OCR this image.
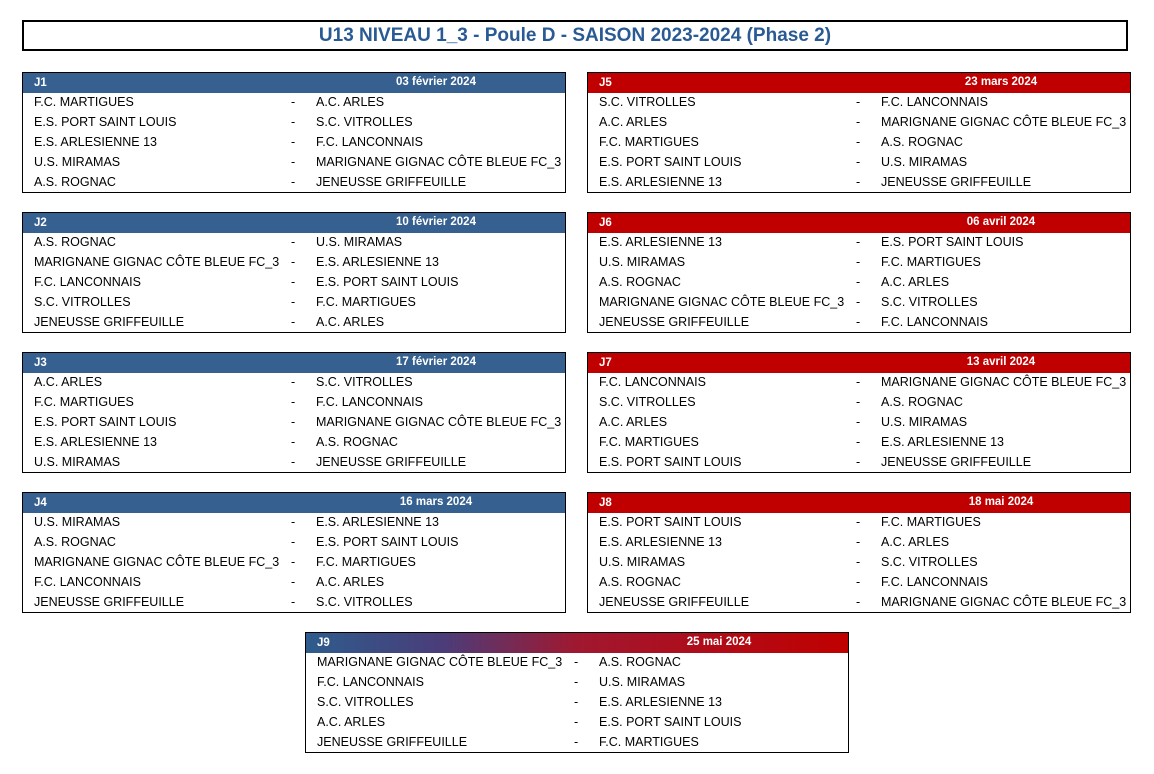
U13 NIVEAU 1_3 - Poule D - SAISON 2023-2024 (Phase 2)
J1	03 février 2024
F.C. MARTIGUES	- A.C. ARLES
E.S. PORT SAINT LOUIS	- S.C. VITROLLES
E.S. ARLESIENNE 13	- F.C. LANCONNAIS
U.S. MIRAMAS	- MARIGNANE GIGNAC CÔTE BLEUE FC_3
A.S. ROGNAC	- JENEUSSE GRIFFEUILLE
J5	23 mars 2024
S.C. VITROLLES	- F.C. LANCONNAIS
A.C. ARLES	- MARIGNANE GIGNAC CÔTE BLEUE FC_3
F.C. MARTIGUES	- A.S. ROGNAC
E.S. PORT SAINT LOUIS	- U.S. MIRAMAS
E.S. ARLESIENNE 13	- JENEUSSE GRIFFEUILLE
J2	10 février 2024
A.S. ROGNAC	- U.S. MIRAMAS
MARIGNANE GIGNAC CÔTE BLEUE FC_3 - E.S. ARLESIENNE 13
F.C. LANCONNAIS	- E.S. PORT SAINT LOUIS
S.C. VITROLLES	- F.C. MARTIGUES
JENEUSSE GRIFFEUILLE	- A.C. ARLES
J6	06 avril 2024
E.S. ARLESIENNE 13	- E.S. PORT SAINT LOUIS
U.S. MIRAMAS	- F.C. MARTIGUES
A.S. ROGNAC	- A.C. ARLES
MARIGNANE GIGNAC CÔTE BLEUE FC_3 - S.C. VITROLLES
JENEUSSE GRIFFEUILLE	- F.C. LANCONNAIS
J3	17 février 2024
A.C. ARLES	- S.C. VITROLLES
F.C. MARTIGUES	- F.C. LANCONNAIS
E.S. PORT SAINT LOUIS	- MARIGNANE GIGNAC CÔTE BLEUE FC_3
E.S. ARLESIENNE 13	- A.S. ROGNAC
U.S. MIRAMAS	- JENEUSSE GRIFFEUILLE
J7	13 avril 2024
F.C. LANCONNAIS	- MARIGNANE GIGNAC CÔTE BLEUE FC_3
S.C. VITROLLES	- A.S. ROGNAC
A.C. ARLES	- U.S. MIRAMAS
F.C. MARTIGUES	- E.S. ARLESIENNE 13
E.S. PORT SAINT LOUIS	- JENEUSSE GRIFFEUILLE
J4	16 mars 2024
U.S. MIRAMAS	- E.S. ARLESIENNE 13
A.S. ROGNAC	- E.S. PORT SAINT LOUIS
MARIGNANE GIGNAC CÔTE BLEUE FC_3 - F.C. MARTIGUES
F.C. LANCONNAIS	- A.C. ARLES
JENEUSSE GRIFFEUILLE	- S.C. VITROLLES
J8	18 mai 2024
E.S. PORT SAINT LOUIS	- F.C. MARTIGUES
E.S. ARLESIENNE 13	- A.C. ARLES
U.S. MIRAMAS	- S.C. VITROLLES
A.S. ROGNAC	- F.C. LANCONNAIS
JENEUSSE GRIFFEUILLE	- MARIGNANE GIGNAC CÔTE BLEUE FC_3
J9	25 mai 2024
MARIGNANE GIGNAC CÔTE BLEUE FC_3 - A.S. ROGNAC
F.C. LANCONNAIS	- U.S. MIRAMAS
S.C. VITROLLES	- E.S. ARLESIENNE 13
A.C. ARLES	- E.S. PORT SAINT LOUIS
JENEUSSE GRIFFEUILLE	- F.C. MARTIGUES
